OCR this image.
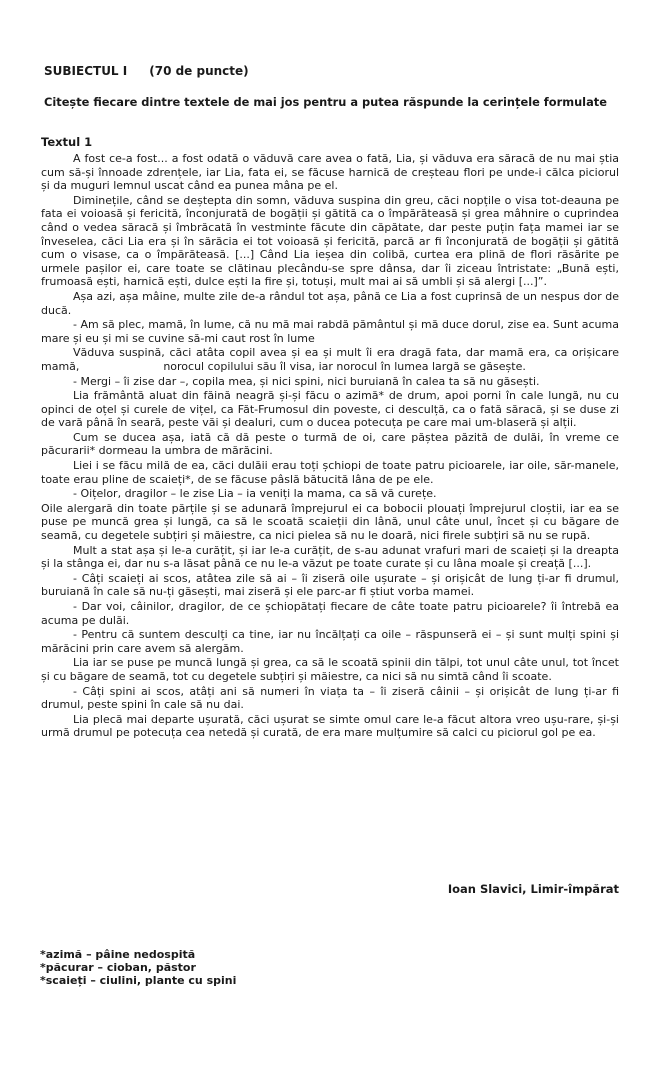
SUBIECTUL I (70 de puncte)
Citește fiecare dintre textele de mai jos pentru a putea răspunde la cerințele formulate
Textul 1

A fost ce-a fost... a fost odată o văduvă care avea o fată, Lia, și văduva era săracă de nu mai știa cum să-și înnoade zdrențele, iar Lia, fata ei, se făcuse harnică de creșteau flori pe unde-i călca piciorul și da muguri lemnul uscat când ea punea mâna pe el.

Diminețile, când se deștepta din somn, văduva suspina din greu, căci nopțile o visa tot-deauna pe fata ei voioasă și fericită, înconjurată de bogății și gătită ca o împărăteasă și grea mâhnire o cuprindea când o vedea săracă și îmbrăcată în vestminte făcute din căpătate, dar peste puțin fața mamei iar se înveselea, căci Lia era și în sărăcia ei tot voioasă și fericită, parcă ar fi înconjurată de bogății și gătită cum o visase, ca o împărăteasă. [...] Când Lia ieșea din colibă, curtea era plină de flori răsărite pe urmele pașilor ei, care toate se clătinau plecându-se spre dânsa, dar îi ziceau întristate: „Bună ești, frumoasă ești, harnică ești, dulce ești la fire și, totuși, mult mai ai să umbli și să alergi [...]”.

Așa azi, așa mâine, multe zile de-a rândul tot așa, până ce Lia a fost cuprinsă de un nespus dor de ducă.

- Am să plec, mamă, în lume, că nu mă mai rabdă pământul și mă duce dorul, zise ea. Sunt acuma mare și eu și mi se cuvine să-mi caut rost în lume

Văduva suspină, căci atâta copil avea și ea și mult îi era dragă fata, dar mamă era, ca orișicare mamă,                        norocul copilului său îl visa, iar norocul în lumea largă se găsește.

- Mergi – îi zise dar –, copila mea, și nici spini, nici buruiană în calea ta să nu găsești.

Lia frământă aluat din făină neagră și-și făcu o azimă* de drum, apoi porni în cale lungă, nu cu opinci de oțel și curele de vițel, ca Făt-Frumosul din poveste, ci desculță, ca o fată săracă, și se duse zi de vară până în seară, peste văi și dealuri, cum o ducea potecuța pe care mai um-blaseră și alții.

Cum se ducea așa, iată că dă peste o turmă de oi, care păștea păzită de dulăi, în vreme ce păcurarii* dormeau la umbra de mărăcini.

Liei i se făcu milă de ea, căci dulăii erau toți șchiopi de toate patru picioarele, iar oile, săr-manele, toate erau pline de scaieți*, de se făcuse pâslă bătucită lâna de pe ele.

- Oițelor, dragilor – le zise Lia – ia veniți la mama, ca să vă curețe.

Oile alergară din toate părțile și se adunară împrejurul ei ca bobocii plouați împrejurul cloștii, iar ea se puse pe muncă grea și lungă, ca să le scoată scaieții din lână, unul câte unul, încet și cu băgare de seamă, cu degetele subțiri și măiestre, ca nici pielea să nu le doară, nici firele subțiri să nu se rupă.

Mult a stat așa și le-a curățit, și iar le-a curățit, de s-au adunat vrafuri mari de scaieți și la dreapta și la stânga ei, dar nu s-a lăsat până ce nu le-a văzut pe toate curate și cu lâna moale și creață [...].

- Câți scaieți ai scos, atâtea zile să ai – îi ziseră oile ușurate – și orișicât de lung ți-ar fi drumul, buruiană în cale să nu-ți găsești, mai ziseră și ele parc-ar fi știut vorba mamei.

- Dar voi, câinilor, dragilor, de ce șchiopătați fiecare de câte toate patru picioarele? îi întrebă ea acuma pe dulăi.

- Pentru că suntem desculți ca tine, iar nu încălțați ca oile – răspunseră ei – și sunt mulți spini și mărăcini prin care avem să alergăm.

Lia iar se puse pe muncă lungă și grea, ca să le scoată spinii din tălpi, tot unul câte unul, tot încet și cu băgare de seamă, tot cu degetele subțiri și măiestre, ca nici să nu simtă când îi scoate.

- Câți spini ai scos, atâți ani să numeri în viața ta – îi ziseră câinii – și orișicât de lung ți-ar fi drumul, peste spini în cale să nu dai.

Lia plecă mai departe ușurată, căci ușurat se simte omul care le-a făcut altora vreo ușu-rare, și-și urmă drumul pe potecuța cea netedă și curată, de era mare mulțumire să calci cu piciorul gol pe ea.

Ioan Slavici, Limir-împărat
*azimă – pâine nedospită
*păcurar – cioban, păstor
*scaieți – ciulini, plante cu spini
